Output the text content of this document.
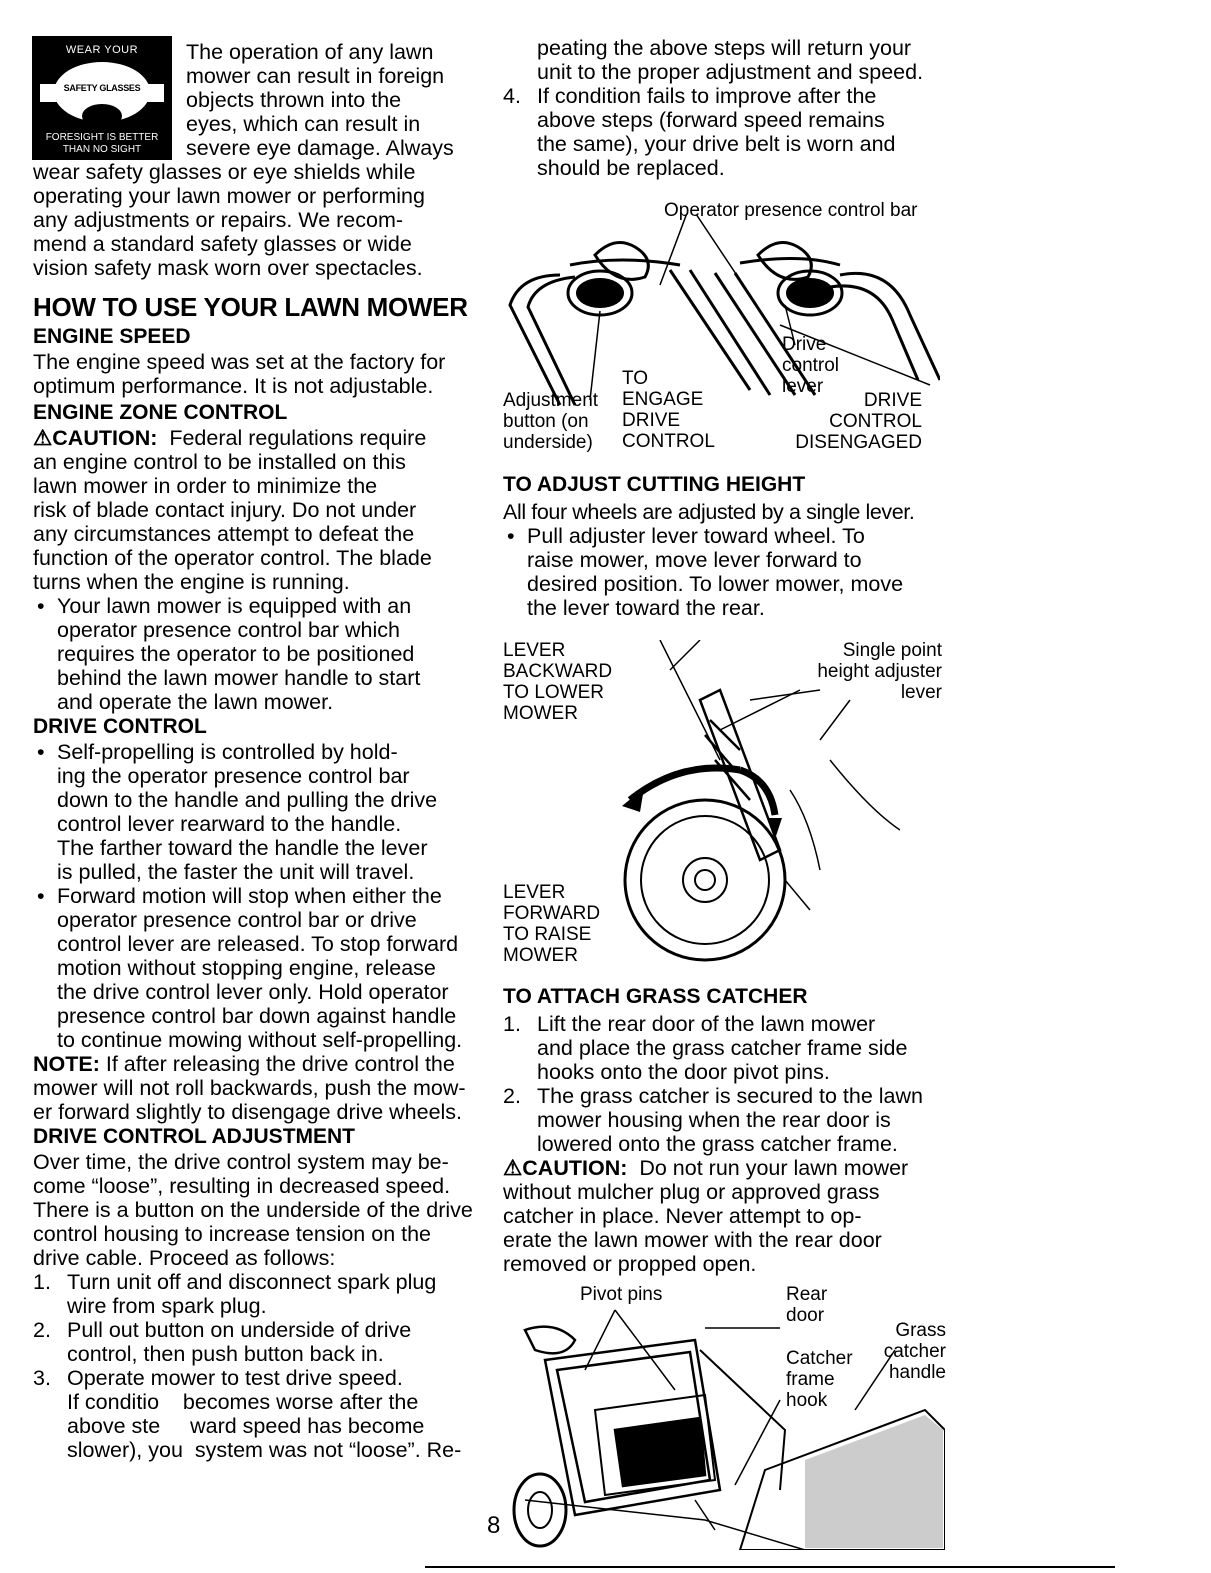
WEAR YOUR
SAFETY GLASSES
FORESIGHT IS BETTER
THAN NO SIGHT

The operation of any lawn

mower can result in foreign

objects thrown into the

eyes, which can result in

severe eye damage. Always

wear safety glasses or eye shields while

operating your lawn mower or performing

any adjustments or repairs. We recom-

mend a standard safety glasses or wide

vision safety mask worn over spectacles.

HOW TO USE YOUR LAWN MOWER
ENGINE SPEED

The engine speed was set at the factory for

optimum performance. It is not adjustable.

ENGINE ZONE CONTROL

⚠CAUTION: Federal regulations require

an engine control to be installed on this

lawn mower in order to minimize the

risk of blade contact injury. Do not under

any circumstances attempt to defeat the

function of the operator control. The blade

turns when the engine is running.

• Your lawn mower is equipped with an

operator presence control bar which

requires the operator to be positioned

behind the lawn mower handle to start

and operate the lawn mower.

DRIVE CONTROL

• Self-propelling is controlled by hold-

ing the operator presence control bar

down to the handle and pulling the drive

control lever rearward to the handle.

The farther toward the handle the lever

is pulled, the faster the unit will travel.

• Forward motion will stop when either the

operator presence control bar or drive

control lever are released. To stop forward

motion without stopping engine, release

the drive control lever only. Hold operator

presence control bar down against handle

to continue mowing without self-propelling.

NOTE: If after releasing the drive control the

mower will not roll backwards, push the mow-

er forward slightly to disengage drive wheels.

DRIVE CONTROL ADJUSTMENT

Over time, the drive control system may be-

come “loose”, resulting in decreased speed.

There is a button on the underside of the drive

control housing to increase tension on the

drive cable. Proceed as follows:

1. Turn unit off and disconnect spark plug

wire from spark plug.

2. Pull out button on underside of drive

control, then push button back in.

3. Operate mower to test drive speed.

If conditio    becomes worse after the

above ste     ward speed has become

slower), you  system was not “loose”. Re-

peating the above steps will return your

unit to the proper adjustment and speed.

4. If condition fails to improve after the

above steps (forward speed remains

the same), your drive belt is worn and

should be replaced.

Operator presence control bar
Drive
control
lever
Adjustment
button (on
underside)
TO
ENGAGE
DRIVE
CONTROL
DRIVE
CONTROL
DISENGAGED
TO ADJUST CUTTING HEIGHT

All four wheels are adjusted by a single lever.

• Pull adjuster lever toward wheel. To

raise mower, move lever forward to

desired position. To lower mower, move

the lever toward the rear.

LEVER
BACKWARD
TO LOWER
MOWER
Single point
height adjuster
lever
LEVER
FORWARD
TO RAISE
MOWER
TO ATTACH GRASS CATCHER
1. Lift the rear door of the lawn mower

and place the grass catcher frame side

hooks onto the door pivot pins.

2. The grass catcher is secured to the lawn

mower housing when the rear door is

lowered onto the grass catcher frame.

⚠CAUTION: Do not run your lawn mower

without mulcher plug or approved grass

catcher in place. Never attempt to op-

erate the lawn mower with the rear door

removed or propped open.

Pivot pins	Rear
door
Grass
catcher
handle
Catcher
frame
hook
8
